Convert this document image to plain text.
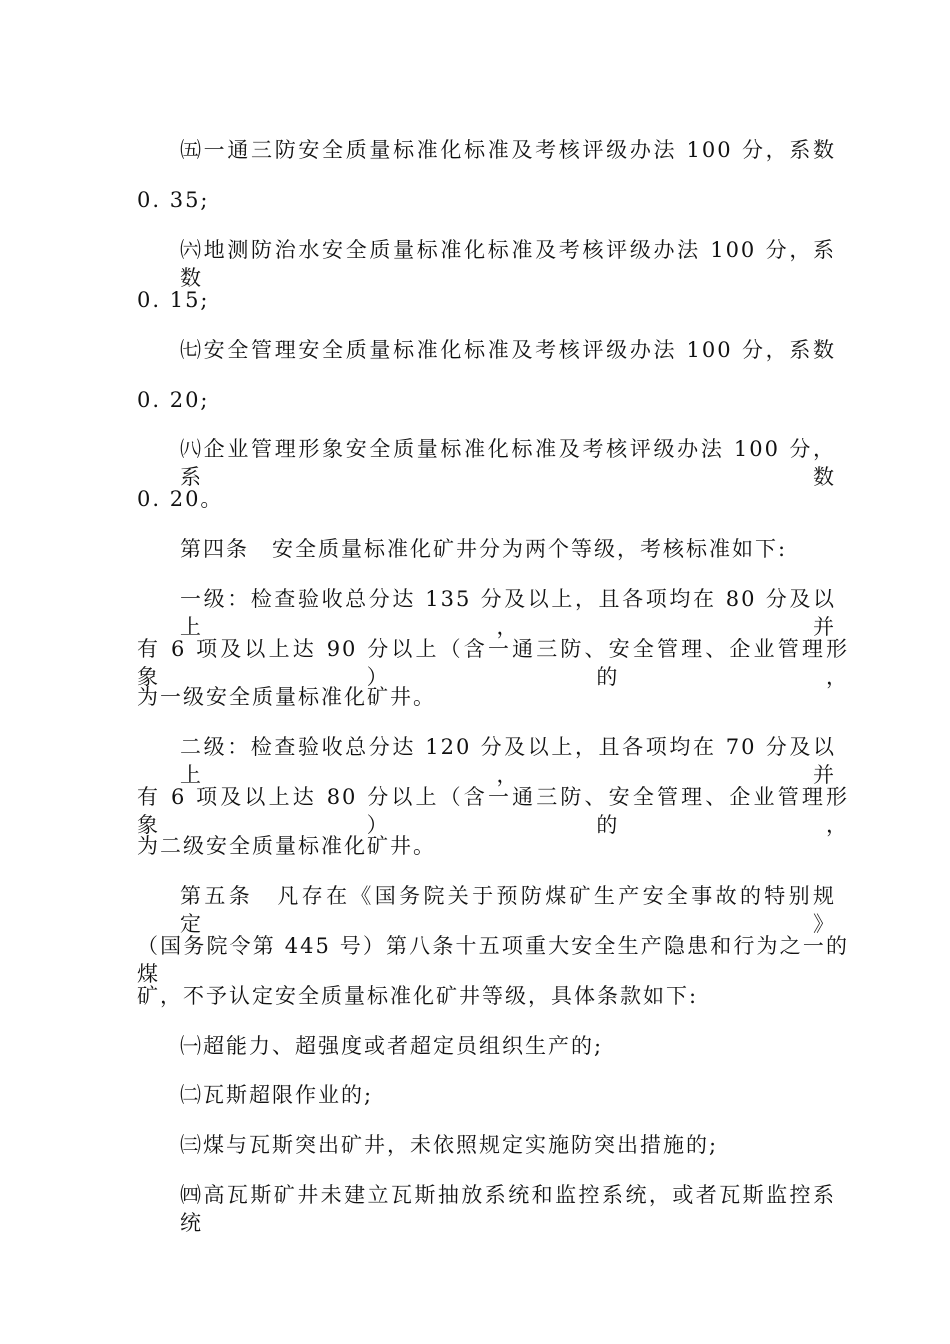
㈤一通三防安全质量标准化标准及考核评级办法 100 分，系数
0. 35;
㈥地测防治水安全质量标准化标准及考核评级办法 100 分，系数
0. 15;
㈦安全管理安全质量标准化标准及考核评级办法 100 分，系数
0. 20;
㈧企业管理形象安全质量标准化标准及考核评级办法 100 分，系数
0. 20。
第四条　安全质量标准化矿井分为两个等级，考核标准如下:
一级：检查验收总分达 135 分及以上，且各项均在 80 分及以上，并
有 6 项及以上达 90 分以上（含一通三防、安全管理、企业管理形象）的，
为一级安全质量标准化矿井。
二级：检查验收总分达 120 分及以上，且各项均在 70 分及以上，并
有 6 项及以上达 80 分以上（含一通三防、安全管理、企业管理形象）的，
为二级安全质量标准化矿井。
第五条　凡存在《国务院关于预防煤矿生产安全事故的特别规定》
（国务院令第 445 号）第八条十五项重大安全生产隐患和行为之一的煤
矿，不予认定安全质量标准化矿井等级，具体条款如下:
㈠超能力、超强度或者超定员组织生产的;
㈡瓦斯超限作业的;
㈢煤与瓦斯突出矿井，未依照规定实施防突出措施的;
㈣高瓦斯矿井未建立瓦斯抽放系统和监控系统，或者瓦斯监控系统
